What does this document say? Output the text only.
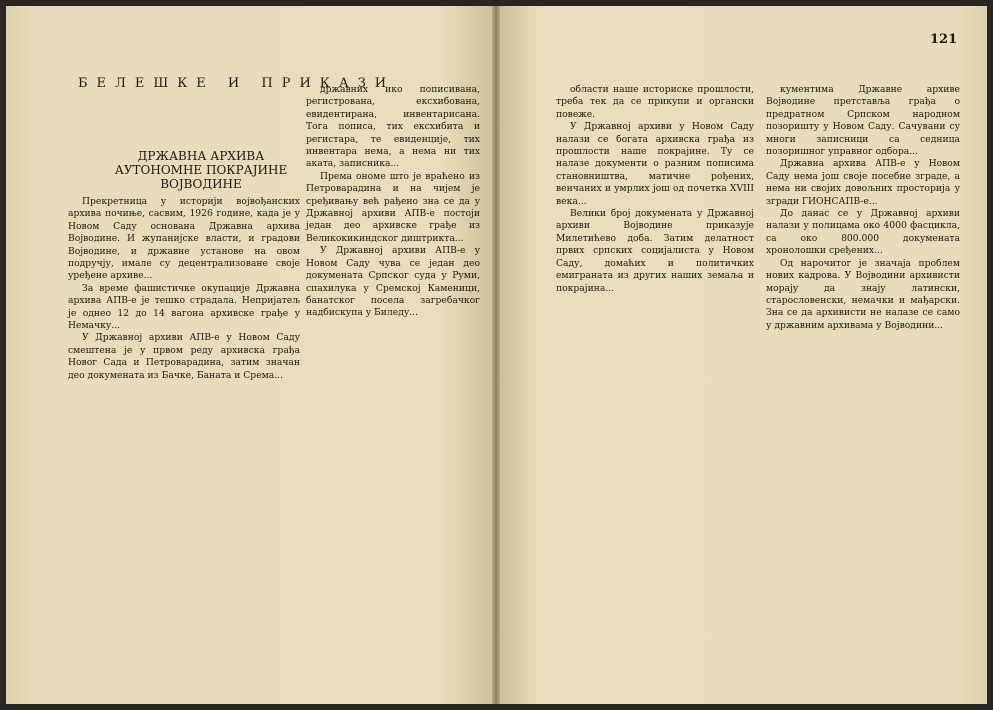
БЕЛЕШКЕ И ПРИКАЗИ
ДРЖАВНА АРХИВА АУТОНОМНЕ ПОКРАЈИНЕ ВОЈВОДИНЕ

Прекретница у историји војвођанских архива почиње, сасвим, 1926 године, када је у Новом Саду основана Државна архива Војводине. И жупанијске власти, и градови Војводине, и државне установе на овом подручју, имале су децентрализоване своје уређене архиве...

За време фашистичке окупације Државна архива АПВ-е је тешко страдала. Непријатељ је однео 12 до 14 вагона архивске грађе у Немачку...

У Државној архиви АПВ-е у Новом Саду смештена је у првом реду архивска грађа Новог Сада и Петроварадина, затим значан део докумената из Бачке, Баната и Срема...

државних ико пописивана, регистрована, ексхибована, евидентирана, инвентарисана. Тога пописа, тих ексхибита и регистара, те евиденције, тих инвентара нема, а нема ни тих аката, записника...

Према ономе што је враћено из Петроварадина и на чијем је сређивању већ рађено зна се да у Државној архиви АПВ-е постоји један део архивске грађе из Великокикиндског диштрикта...

У Државној архиви АПВ-е у Новом Саду чува се један део докумената Српског суда у Руми, спахилука у Сремској Каменици, банатског посела загребачког надбискупа у Биледу...

121

области наше историске прошлости, треба тек да се прикупи и органски повеже.

У Државној архиви у Новом Саду налази се богата архивска грађа из прошлости наше покрајине. Ту се налазе документи о разним пописима становништва, матичне рођених, венчаних и умрлих још од почетка XVIII века...

Велики број докумената у Државној архиви Војводине приказује Милетићево доба. Затим делатност првих српских социјалиста у Новом Саду, домаћих и политичких емиграната из других наших земаља и покрајина...

кументима Државне архиве Војводине претставља грађа о предратном Српском народном позоришту у Новом Саду. Сачувани су многи записници са седница позоришног управног одбора...

Државна архива АПВ-е у Новом Саду нема још своје посебне зграде, а нема ни својих довољних просторија у згради ГИОНСАПВ-е...

До данас се у Државној архиви налази у полицама око 4000 фасцикла, са око 800.000 докумената хронолошки сређених...

Од нарочитог је значаја проблем нових кадрова. У Војводини архивисти морају да знају латински, старословенски, немачки и мађарски. Зна се да архивисти не налазе се само у државним архивама у Војводини...
